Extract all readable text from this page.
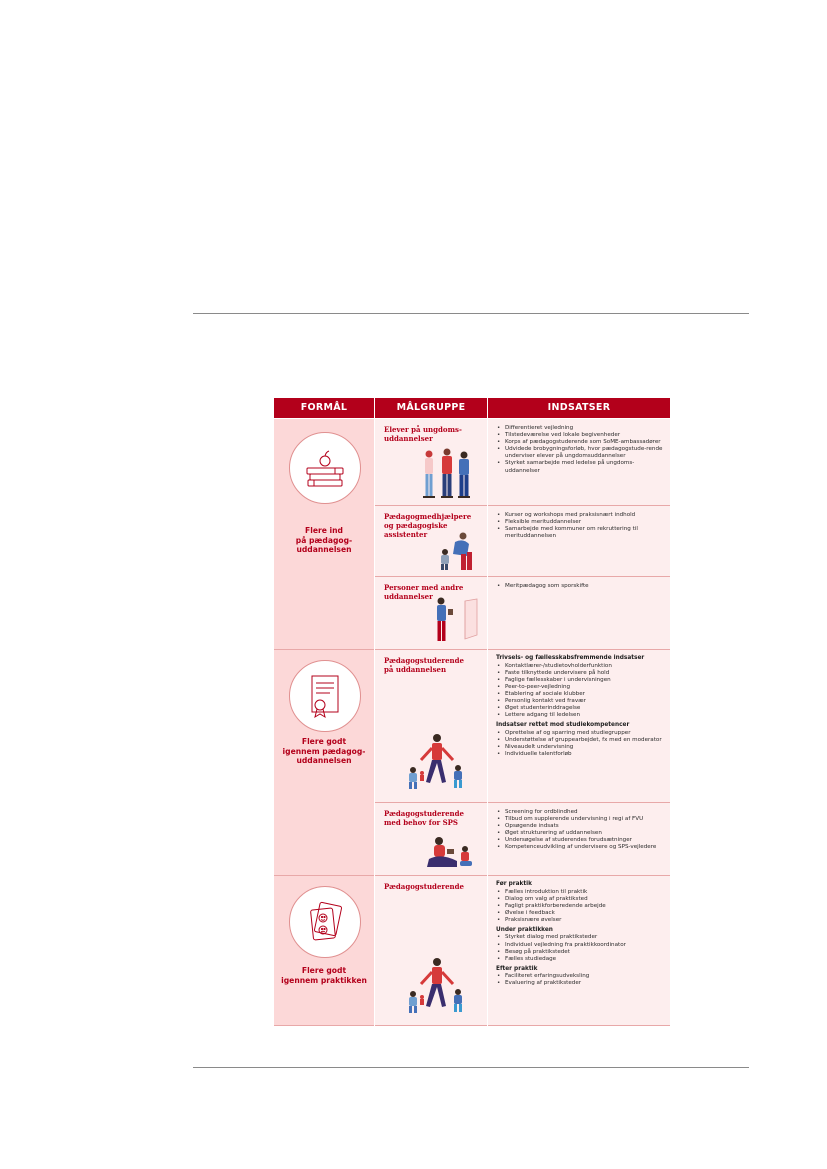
FORMÅL	MÅLGRUPPE	INDSATSER
Flere ind
på pædagog-
uddannelsen
Flere godt
igennem pædagog-
uddannelsen
Flere godt
igennem praktikken
Elever på ungdoms-
uddannelser
Pædagogmedhjælpere
og pædagogiske
assistenter
Personer med andre
uddannelser
Pædagogstuderende
på uddannelsen
Pædagogstuderende
med behov for SPS
Pædagogstuderende
• Differentieret vejledning
• Tilstedeværelse ved lokale begivenheder
• Korps af pædagogstuderende som SoME-ambassadører
• Udvidede brobygningsforløb, hvor pædagogstude-rende underviser elever på ungdomsuddannelser
• Styrket samarbejde med ledelse på ungdoms-uddannelser
• Kurser og workshops med praksisnært indhold
• Fleksible merituddannelser
• Samarbejde med kommuner om rekruttering til merituddannelsen
• Meritpædagog som sporskifte
Trivsels- og fællesskabsfremmende indsatser
• Kontaktlærer-/studietovholderfunktion
• Faste tilknyttede undervisere på hold
• Faglige fællesskaber i undervisningen
• Peer-to-peer-vejledning
• Etablering af sociale klubber
• Personlig kontakt ved fravær
• Øget studenterinddragelse
• Lettere adgang til ledelsen
Indsatser rettet mod studiekompetencer
• Oprettelse af og sparring med studiegrupper
• Understøttelse af gruppearbejdet, fx med en moderator
• Niveaudelt undervisning
• Individuelle talentforløb
• Screening for ordblindhed
• Tilbud om supplerende undervisning i regi af FVU
• Opsøgende indsats
• Øget strukturering af uddannelsen
• Undersøgelse af studerendes forudsætninger
• Kompetenceudvikling af undervisere og SPS-vejledere
Før praktik
• Fælles introduktion til praktik
• Dialog om valg af praktiksted
• Fagligt praktikforberedende arbejde
• Øvelse i feedback
• Praksisnære øvelser
Under praktikken
• Styrket dialog med praktiksteder
• Individuel vejledning fra praktikkoordinator
• Besøg på praktikstedet
• Fælles studiedage
Efter praktik
• Faciliteret erfaringsudveksling
• Evaluering af praktiksteder
